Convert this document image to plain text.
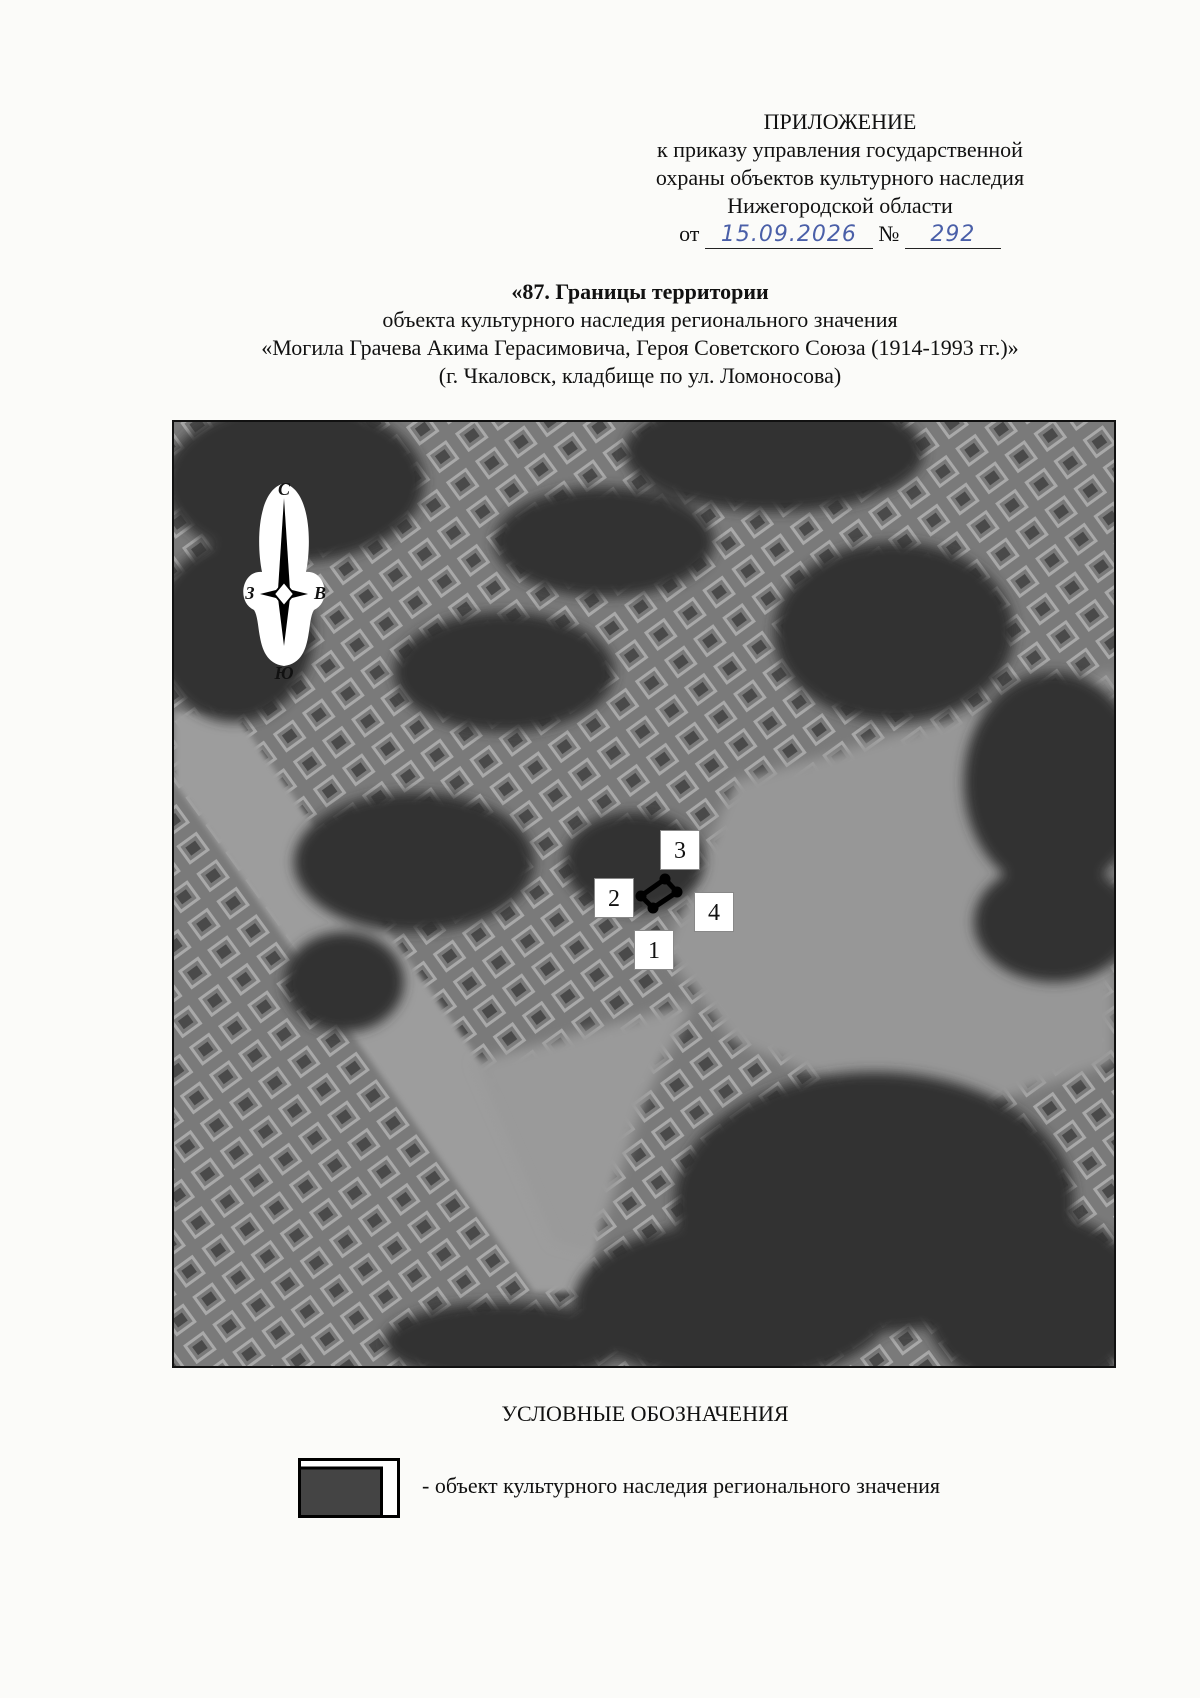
ПРИЛОЖЕНИЕ
к приказу управления государственной
охраны объектов культурного наследия
Нижегородской области
от 15.09.2026 № 292
«87. Границы территории
объекта культурного наследия регионального значения
«Могила Грачева Акима Герасимовича, Героя Советского Союза (1914-1993 гг.)»
(г. Чкаловск, кладбище по ул. Ломоносова)
С
Ю
З	В
1
2
3
4
УСЛОВНЫЕ ОБОЗНАЧЕНИЯ
- объект культурного наследия регионального значения
